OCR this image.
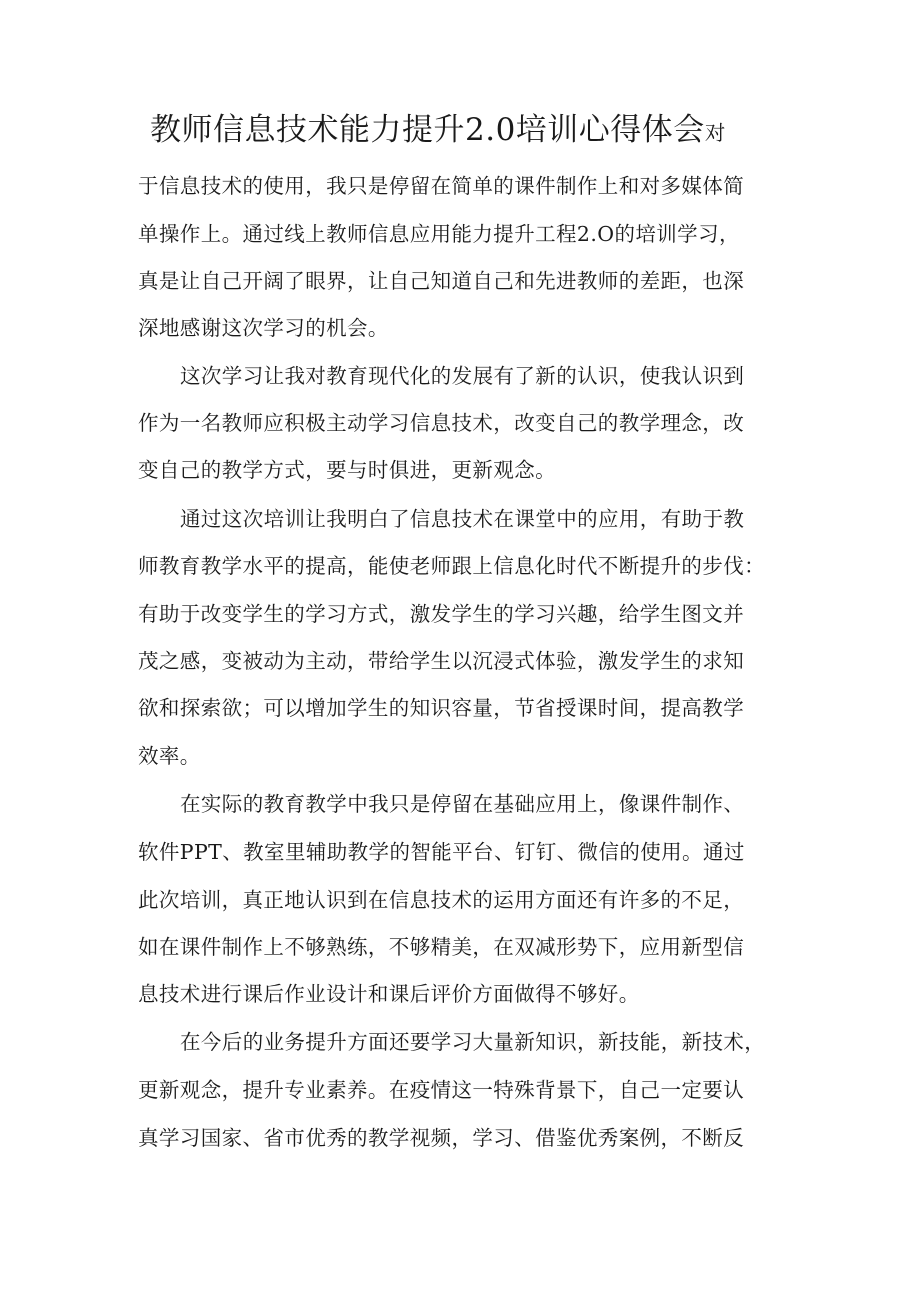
教师信息技术能力提升2.0培训心得体会对
于信息技术的使用，我只是停留在简单的课件制作上和对多媒体简
单操作上。通过线上教师信息应用能力提升工程2.O的培训学习，
真是让自己开阔了眼界，让自己知道自己和先进教师的差距，也深
深地感谢这次学习的机会。
这次学习让我对教育现代化的发展有了新的认识，使我认识到
作为一名教师应积极主动学习信息技术，改变自己的教学理念，改
变自己的教学方式，要与时俱进，更新观念。
通过这次培训让我明白了信息技术在课堂中的应用，有助于教
师教育教学水平的提高，能使老师跟上信息化时代不断提升的步伐：
有助于改变学生的学习方式，激发学生的学习兴趣，给学生图文并
茂之感，变被动为主动，带给学生以沉浸式体验，激发学生的求知
欲和探索欲；可以增加学生的知识容量，节省授课时间，提高教学
效率。
在实际的教育教学中我只是停留在基础应用上，像课件制作、
软件PPT、教室里辅助教学的智能平台、钉钉、微信的使用。通过
此次培训，真正地认识到在信息技术的运用方面还有许多的不足，
如在课件制作上不够熟练，不够精美，在双减形势下，应用新型信
息技术进行课后作业设计和课后评价方面做得不够好。
在今后的业务提升方面还要学习大量新知识，新技能，新技术，
更新观念，提升专业素养。在疫情这一特殊背景下，自己一定要认
真学习国家、省市优秀的教学视频，学习、借鉴优秀案例，不断反
